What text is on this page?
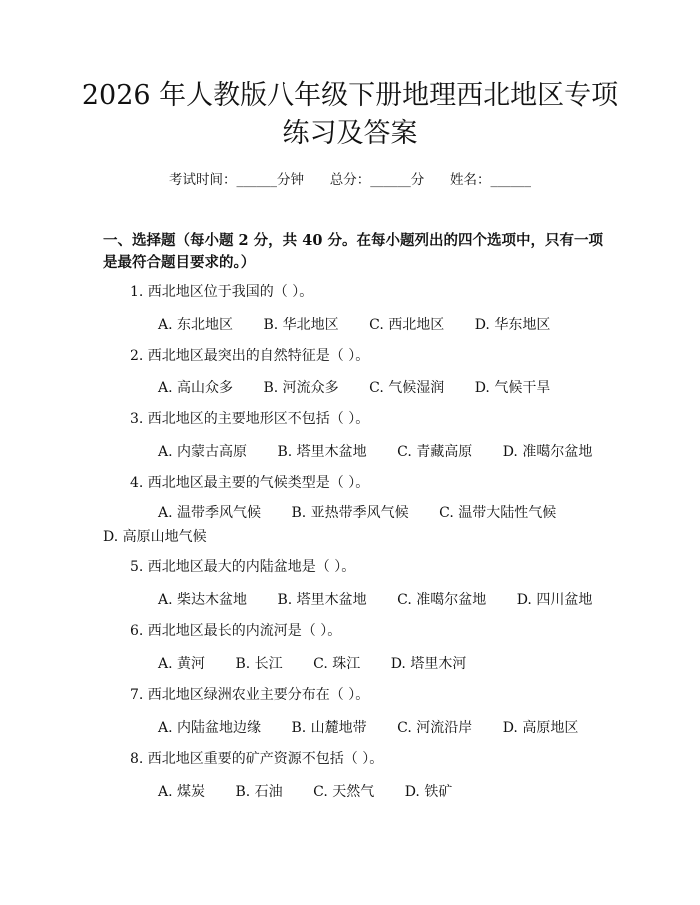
2026 年人教版八年级下册地理西北地区专项
练习及答案
考试时间：______分钟 总分：______分 姓名：______
一、选择题（每小题 2 分，共 40 分。在每小题列出的四个选项中，只有一项是最符合题目要求的。）
1. 西北地区位于我国的（ ）。
A. 东北地区 B. 华北地区 C. 西北地区 D. 华东地区
2. 西北地区最突出的自然特征是（ ）。
A. 高山众多 B. 河流众多 C. 气候湿润 D. 气候干旱
3. 西北地区的主要地形区不包括（ ）。
A. 内蒙古高原 B. 塔里木盆地 C. 青藏高原 D. 准噶尔盆地
4. 西北地区最主要的气候类型是（ ）。
A. 温带季风气候 B. 亚热带季风气候 C. 温带大陆性气候 D. 高原山地气候
5. 西北地区最大的内陆盆地是（ ）。
A. 柴达木盆地 B. 塔里木盆地 C. 准噶尔盆地 D. 四川盆地
6. 西北地区最长的内流河是（ ）。
A. 黄河 B. 长江 C. 珠江 D. 塔里木河
7. 西北地区绿洲农业主要分布在（ ）。
A. 内陆盆地边缘 B. 山麓地带 C. 河流沿岸 D. 高原地区
8. 西北地区重要的矿产资源不包括（ ）。
A. 煤炭 B. 石油 C. 天然气 D. 铁矿
